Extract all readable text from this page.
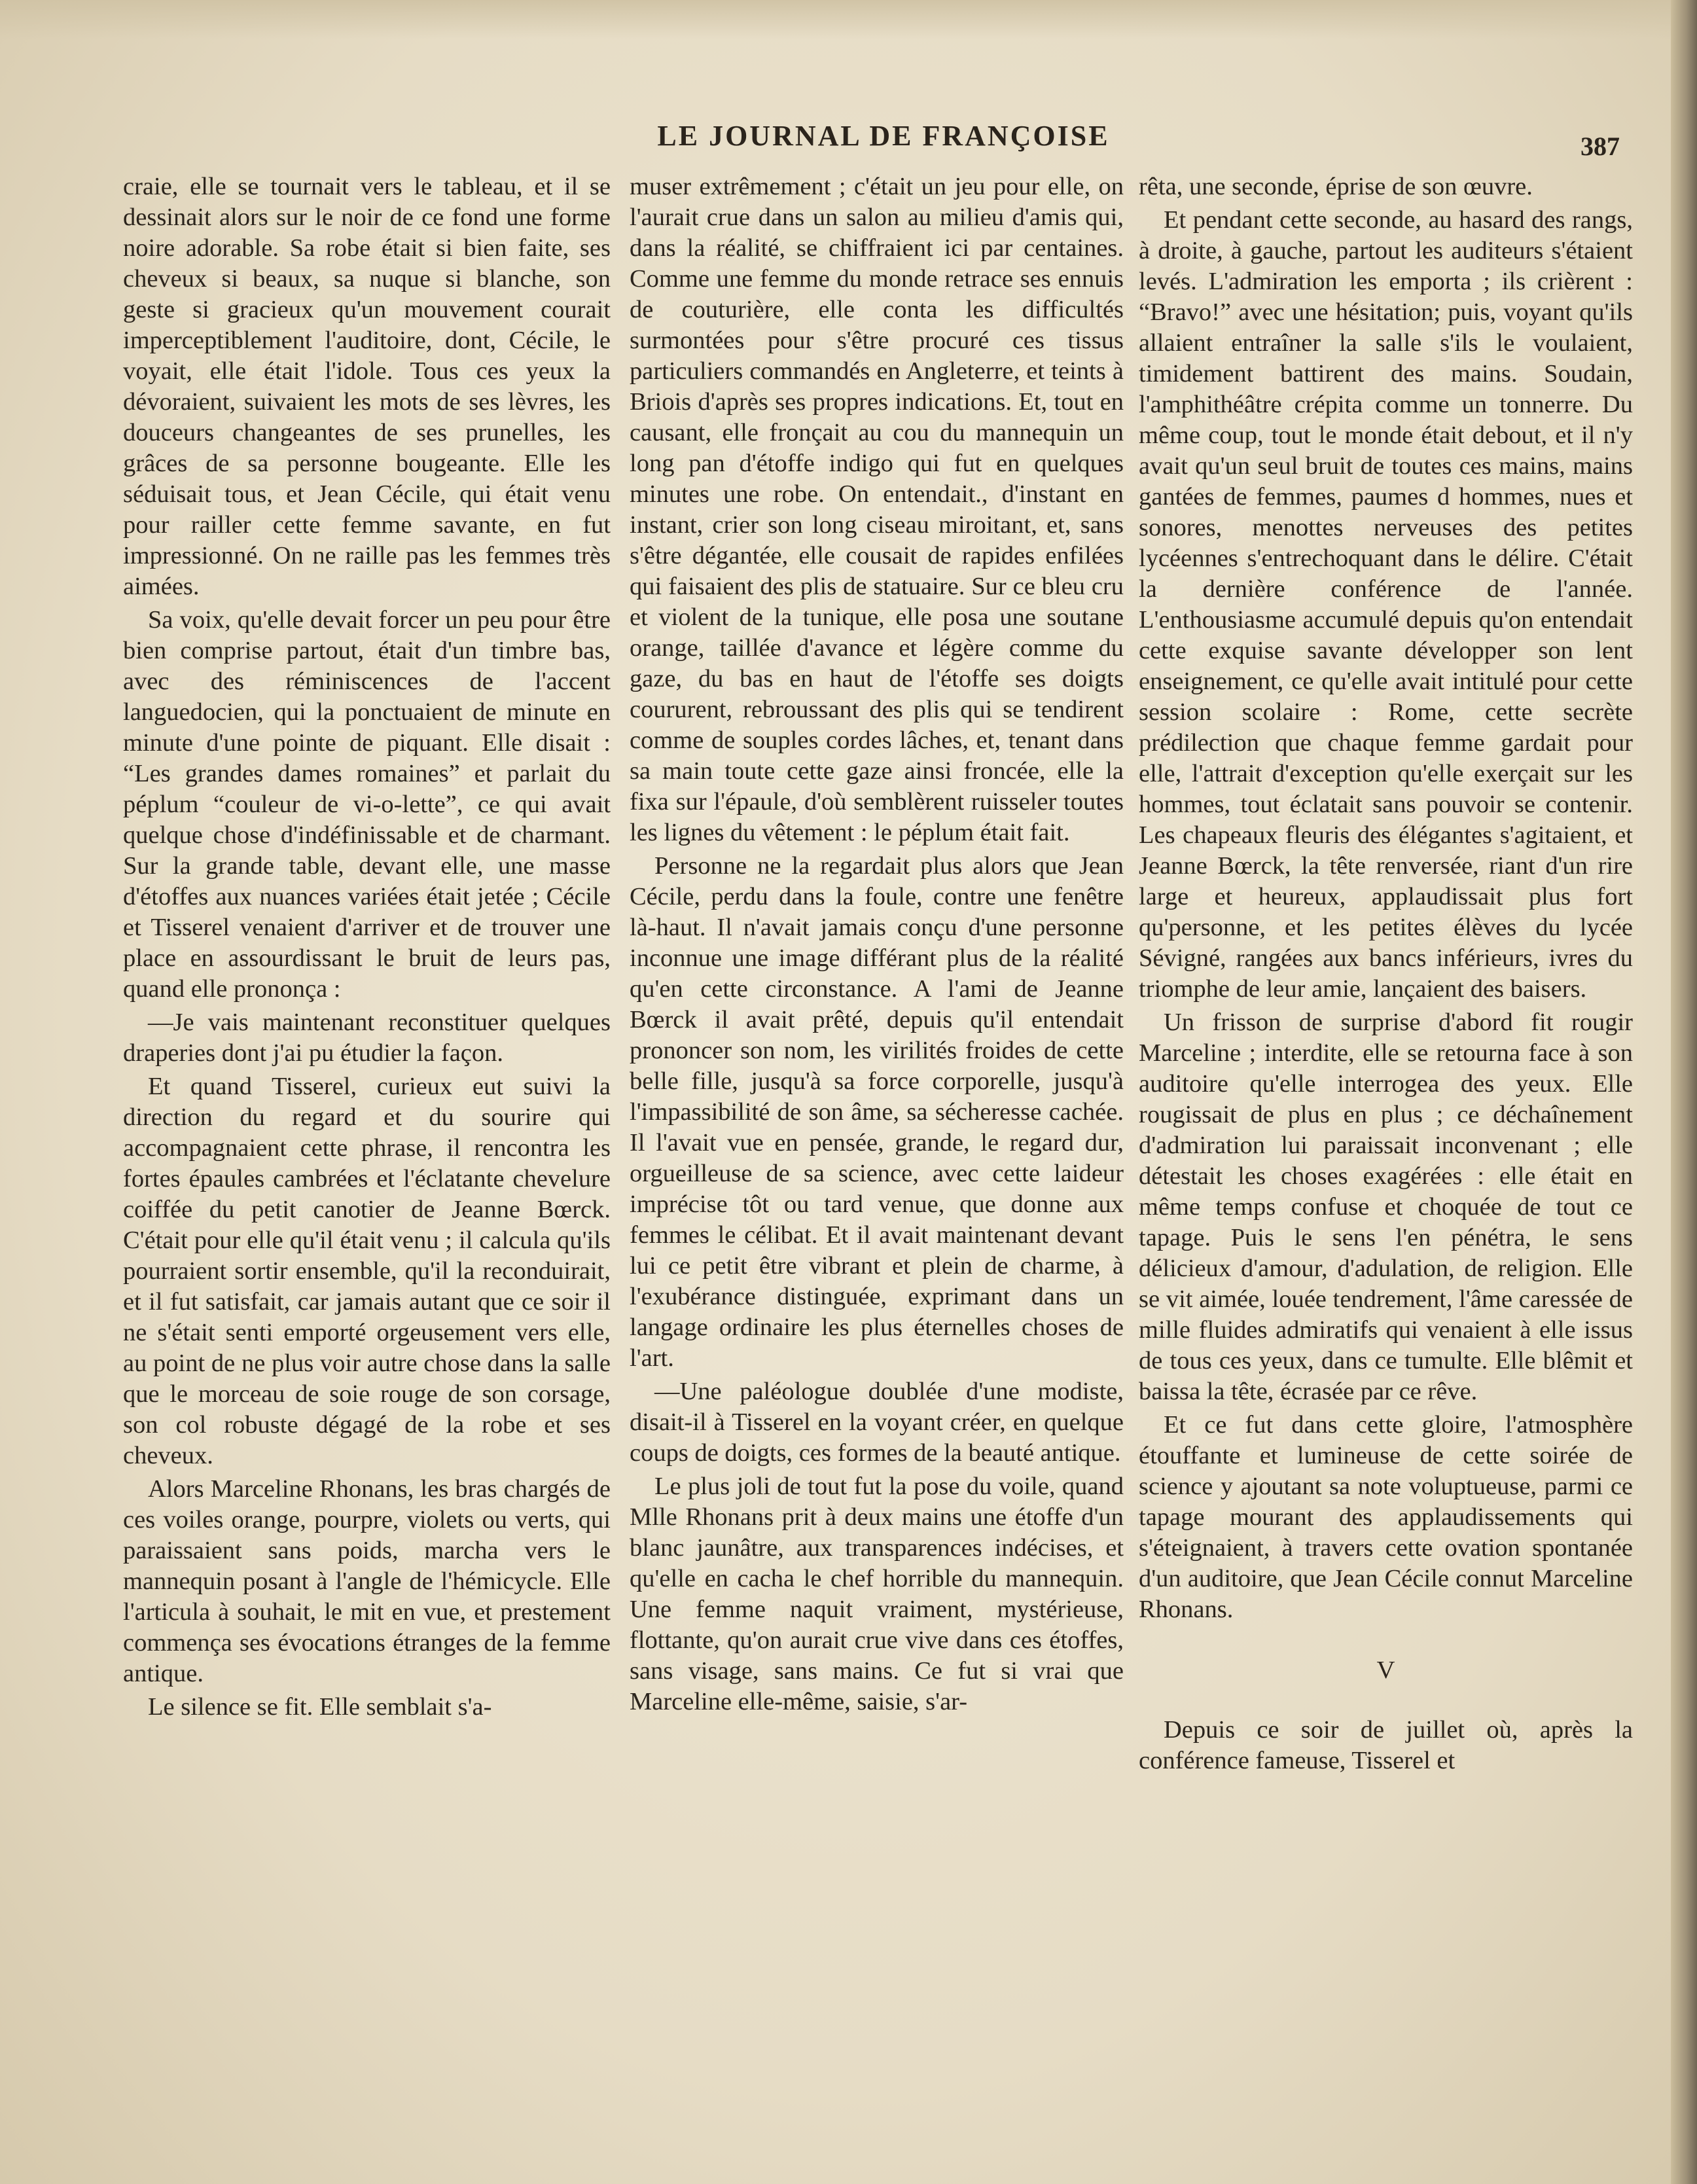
LE JOURNAL DE FRANÇOISE	387

craie, elle se tournait vers le tableau, et il se dessinait alors sur le noir de ce fond une forme noire adorable. Sa robe était si bien faite, ses cheveux si beaux, sa nuque si blanche, son geste si gracieux qu'un mouvement courait imperceptiblement l'auditoire, dont, Cécile, le voyait, elle était l'idole. Tous ces yeux la dévoraient, suivaient les mots de ses lèvres, les douceurs changeantes de ses prunelles, les grâces de sa personne bougeante. Elle les séduisait tous, et Jean Cécile, qui était venu pour railler cette femme savante, en fut impressionné. On ne raille pas les femmes très aimées.

Sa voix, qu'elle devait forcer un peu pour être bien comprise partout, était d'un timbre bas, avec des réminiscences de l'accent languedocien, qui la ponctuaient de minute en minute d'une pointe de piquant. Elle disait : “Les grandes dames romaines” et parlait du péplum “couleur de vi-o-lette”, ce qui avait quelque chose d'indéfinissable et de charmant. Sur la grande table, devant elle, une masse d'étoffes aux nuances variées était jetée ; Cécile et Tisserel venaient d'arriver et de trouver une place en assourdissant le bruit de leurs pas, quand elle prononça :

—Je vais maintenant reconstituer quelques draperies dont j'ai pu étudier la façon.

Et quand Tisserel, curieux eut suivi la direction du regard et du sourire qui accompagnaient cette phrase, il rencontra les fortes épaules cambrées et l'éclatante chevelure coiffée du petit canotier de Jeanne Bœrck. C'était pour elle qu'il était venu ; il calcula qu'ils pourraient sortir ensemble, qu'il la reconduirait, et il fut satisfait, car jamais autant que ce soir il ne s'était senti emporté orgeusement vers elle, au point de ne plus voir autre chose dans la salle que le morceau de soie rouge de son corsage, son col robuste dégagé de la robe et ses cheveux.

Alors Marceline Rhonans, les bras chargés de ces voiles orange, pourpre, violets ou verts, qui paraissaient sans poids, marcha vers le mannequin posant à l'angle de l'hémicycle. Elle l'articula à souhait, le mit en vue, et prestement commença ses évocations étranges de la femme antique.

Le silence se fit. Elle semblait s'a-

muser extrêmement ; c'était un jeu pour elle, on l'aurait crue dans un salon au milieu d'amis qui, dans la réalité, se chiffraient ici par centaines. Comme une femme du monde retracе ses ennuis de couturière, elle conta les difficultés surmontées pour s'être procuré ces tissus particuliers commandés en Angleterre, et teints à Briois d'après ses propres indications. Et, tout en causant, elle fronçait au cou du mannequin un long pan d'étoffe indigo qui fut en quelques minutes une robe. On entendait., d'instant en instant, crier son long ciseau miroitant, et, sans s'être dégantée, elle cousait de rapides enfilées qui faisaient des plis de statuaire. Sur ce bleu cru et violent de la tunique, elle posa une soutane orange, taillée d'avance et légère comme du gaze, du bas en haut de l'étoffe ses doigts coururent, rebroussant des plis qui se tendirent comme de souples cordes lâches, et, tenant dans sa main toute cette gaze ainsi froncée, elle la fixa sur l'épaule, d'où semblèrent ruisseler toutes les lignes du vêtement : le péplum était fait.

Personne ne la regardait plus alors que Jean Cécile, perdu dans la foule, contre une fenêtre là-haut. Il n'avait jamais conçu d'une personne inconnue une image différant plus de la réalité qu'en cette circonstance. A l'ami de Jeanne Bœrck il avait prêté, depuis qu'il entendait prononcer son nom, les virilités froides de cette belle fille, jusqu'à sa force corporelle, jusqu'à l'impassibilité de son âme, sa sécheresse cachée. Il l'avait vue en pensée, grande, le regard dur, orgueilleuse de sa science, avec cette laideur imprécise tôt ou tard venue, que donne aux femmes le célibat. Et il avait maintenant devant lui ce petit être vibrant et plein de charme, à l'exubérance distinguée, exprimant dans un langage ordinaire les plus éternelles choses de l'art.

—Une paléologue doublée d'une modiste, disait-il à Tisserel en la voyant créer, en quelque coups de doigts, ces formes de la beauté antique.

Le plus joli de tout fut la pose du voile, quand Mlle Rhonans prit à deux mains une étoffe d'un blanc jaunâtre, aux transparences indécises, et qu'elle en cacha le chef horrible du mannequin. Une femme naquit vraiment, mystérieuse, flottante, qu'on aurait crue vive dans ces étoffes, sans visage, sans mains. Ce fut si vrai que Marceline elle-même, saisie, s'ar-

rêta, une seconde, éprise de son œuvre.

Et pendant cette seconde, au hasard des rangs, à droite, à gauche, partout les auditeurs s'étaient levés. L'admiration les emporta ; ils crièrent : “Bravo!” avec une hésitation; puis, voyant qu'ils allaient entraîner la salle s'ils le voulaient, timidement battirent des mains. Soudain, l'amphithéâtre crépita comme un tonnerre. Du même coup, tout le monde était debout, et il n'y avait qu'un seul bruit de toutes ces mains, mains gantées de femmes, paumes d hommes, nues et sonores, menottes nerveuses des petites lycéennes s'entrechoquant dans le délire. C'était la dernière conférence de l'année. L'enthousiasme accumulé depuis qu'on entendait cette exquise savante développer son lent enseignement, ce qu'elle avait intitulé pour cette session scolaire : Rome, cette secrète prédilection que chaque femme gardait pour elle, l'attrait d'exception qu'elle exerçait sur les hommes, tout éclatait sans pouvoir se contenir. Les chapeaux fleuris des élégantes s'agitaient, et Jeanne Bœrck, la tête renversée, riant d'un rire large et heureux, applaudissait plus fort qu'personne, et les petites élèves du lycée Sévigné, rangées aux bancs inférieurs, ivres du triomphe de leur amie, lançaient des baisers.

Un frisson de surprise d'abord fit rougir Marceline ; interdite, elle se retourna face à son auditoire qu'elle interrogea des yeux. Elle rougissait de plus en plus ; ce déchaînement d'admiration lui paraissait inconvenant ; elle détestait les choses exagérées : elle était en même temps confuse et choquée de tout ce tapage. Puis le sens l'en pénétra, le sens délicieux d'amour, d'adulation, de religion. Elle se vit aimée, louée tendrement, l'âme caressée de mille fluides admiratifs qui venaient à elle issus de tous ces yeux, dans ce tumulte. Elle blêmit et baissa la tête, écrasée par ce rêve.

Et ce fut dans cette gloire, l'atmosphère étouffante et lumineuse de cette soirée de science y ajoutant sa note voluptueuse, parmi ce tapage mourant des applaudissements qui s'éteignaient, à travers cette ovation spontanée d'un auditoire, que Jean Cécile connut Marceline Rhonans.

V

Depuis ce soir de juillet où, après la conférence fameuse, Tisserel et
